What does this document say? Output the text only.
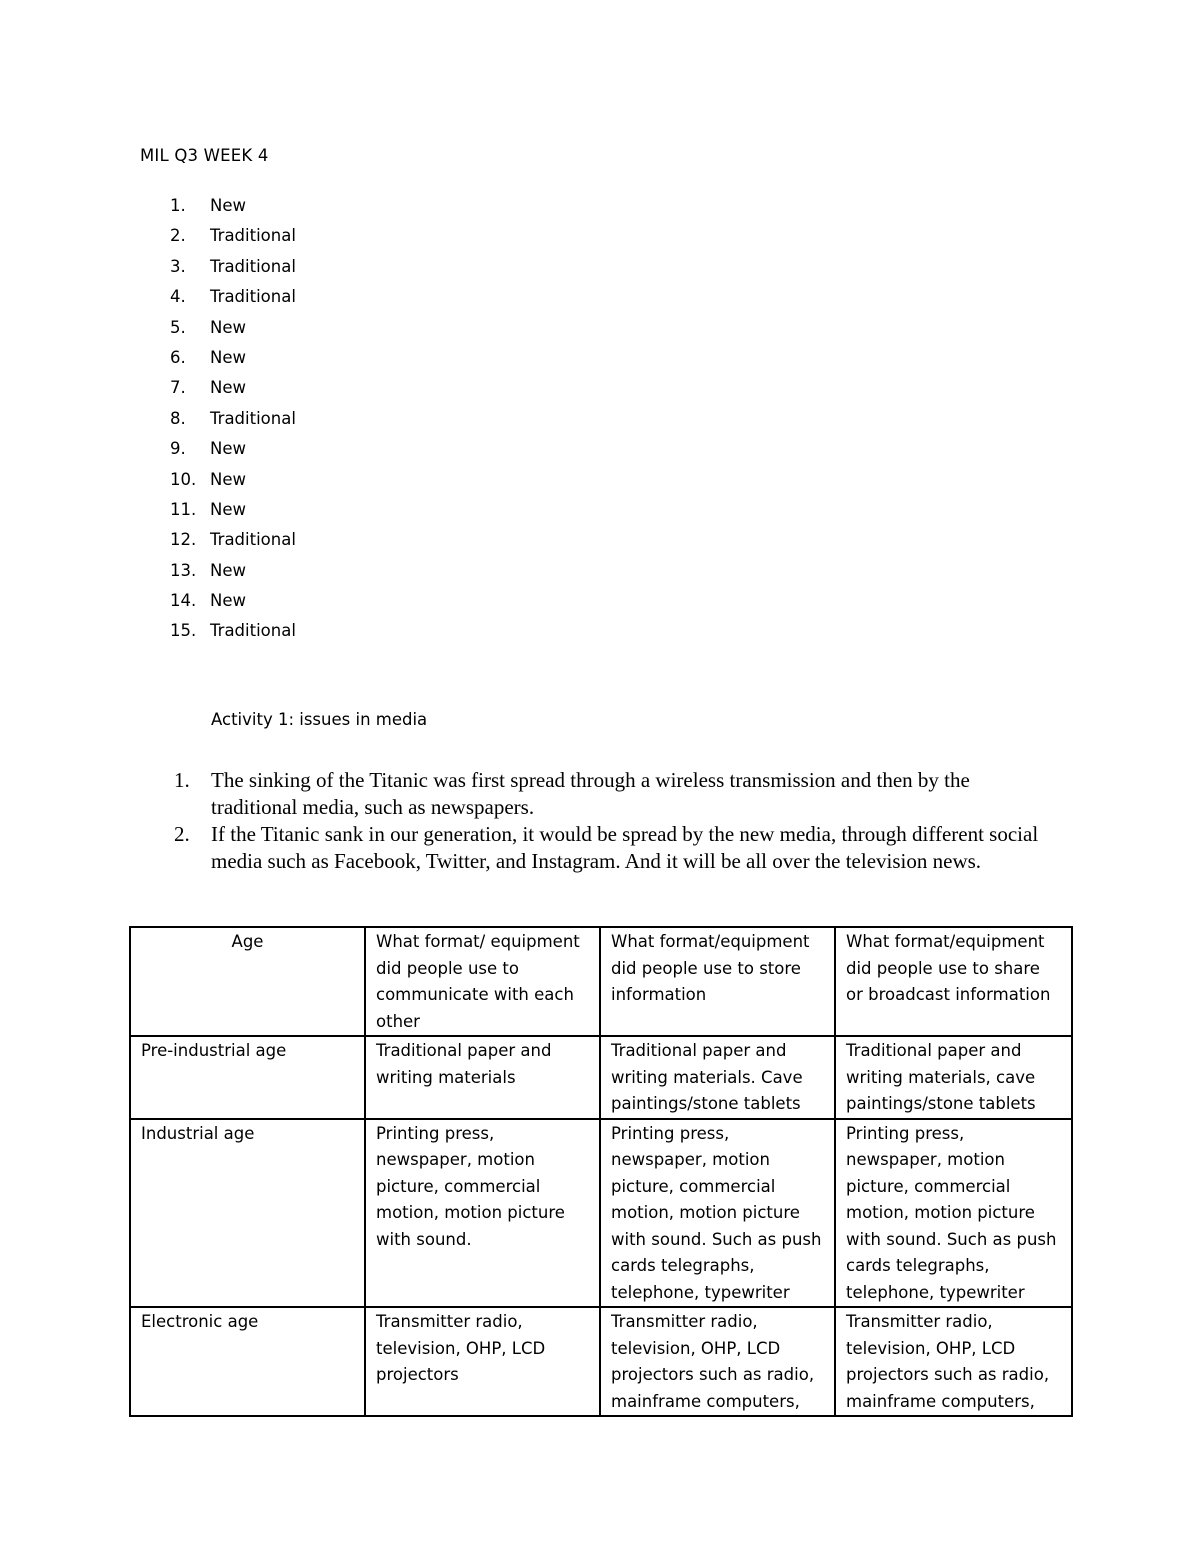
MIL Q3 WEEK 4
1.	New
2.	Traditional
3.	Traditional
4.	Traditional
5.	New
6.	New
7.	New
8.	Traditional
9.	New
10. New
11. New
12. Traditional
13. New
14. New
15. Traditional
Activity 1: issues in media
1.	The sinking of the Titanic was first spread through a wireless transmission and then by the traditional media, such as newspapers.
2.	If the Titanic sank in our generation, it would be spread by the new media, through different social media such as Facebook, Twitter, and Instagram. And it will be all over the television news.
Age	What format/ equipment did people use to communicate with each other	What format/equipment did people use to store information	What format/equipment did people use to share or broadcast information
Pre-industrial age	Traditional paper and writing materials	Traditional paper and writing materials. Cave paintings/stone tablets	Traditional paper and writing materials, cave paintings/stone tablets
Industrial age	Printing press, newspaper, motion picture, commercial motion, motion picture with sound.	Printing press, newspaper, motion picture, commercial motion, motion picture with sound. Such as push cards telegraphs, telephone, typewriter	Printing press, newspaper, motion picture, commercial motion, motion picture with sound. Such as push cards telegraphs, telephone, typewriter
Electronic age	Transmitter radio, television, OHP, LCD projectors	Transmitter radio, television, OHP, LCD projectors such as radio, mainframe computers,	Transmitter radio, television, OHP, LCD projectors such as radio, mainframe computers,
